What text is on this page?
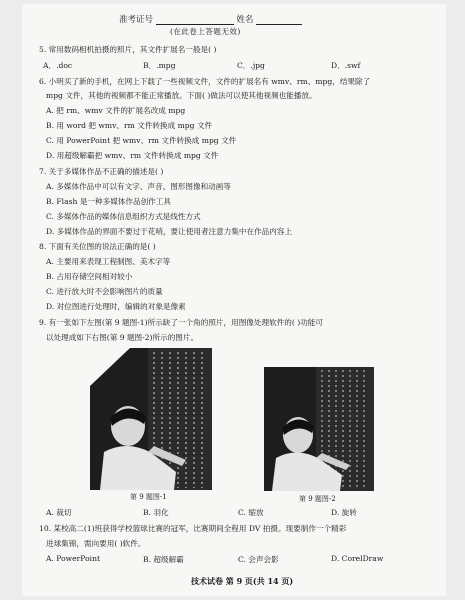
准考证号	姓名
(在此卷上答题无效)
5. 常用数码相机拍摄的照片，其文件扩展名一般是( )
A．.doc	B．.mpg	C．.jpg	D．.swf
6. 小明买了新的手机，在网上下载了一些视频文件，文件的扩展名有 wmv、rm、mpg，结果除了
mpg 文件，其他的视频都不能正常播放。下面( )做法可以使其他视频也能播放。
A. 把 rm、wmv 文件的扩展名改成 mpg
B. 用 word 把 wmv、rm 文件转换成 mpg 文件
C. 用 PowerPoint 把 wmv、rm 文件转换成 mpg 文件
D. 用超级解霸把 wmv、rm 文件转换成 mpg 文件
7. 关于多媒体作品不正确的描述是( )
A. 多媒体作品中可以有文字、声音、图形图像和动画等
B. Flash 是一种多媒体作品创作工具
C. 多媒体作品的媒体信息组织方式是线性方式
D. 多媒体作品的界面不要过于花哨，要让使用者注意力集中在作品内容上
8. 下面有关位图的说法正确的是( )
A. 主要用来表现工程制图、美术字等
B. 占用存储空间相对较小
C. 进行放大时不会影响图片的质量
D. 对位图进行处理时，编辑的对象是像素
9. 有一张如下左图(第 9 题图-1)所示缺了一个角的照片，用图像处理软件的( )功能可
以处理成如下右图(第 9 题图-2)所示的图片。
第 9 题图-1	第 9 题图-2
A. 裁切	B. 羽化	C. 缩放	D. 旋转
10. 某校高二(1)班获得学校篮球比赛的冠军，比赛期间全程用 DV 拍摄。现要制作一个精彩
进球集锦，需向要用( )软件。
A. PowerPoint	B. 超级解霸	C. 会声会影	D. CorelDraw
技术试卷 第 9 页(共 14 页)
